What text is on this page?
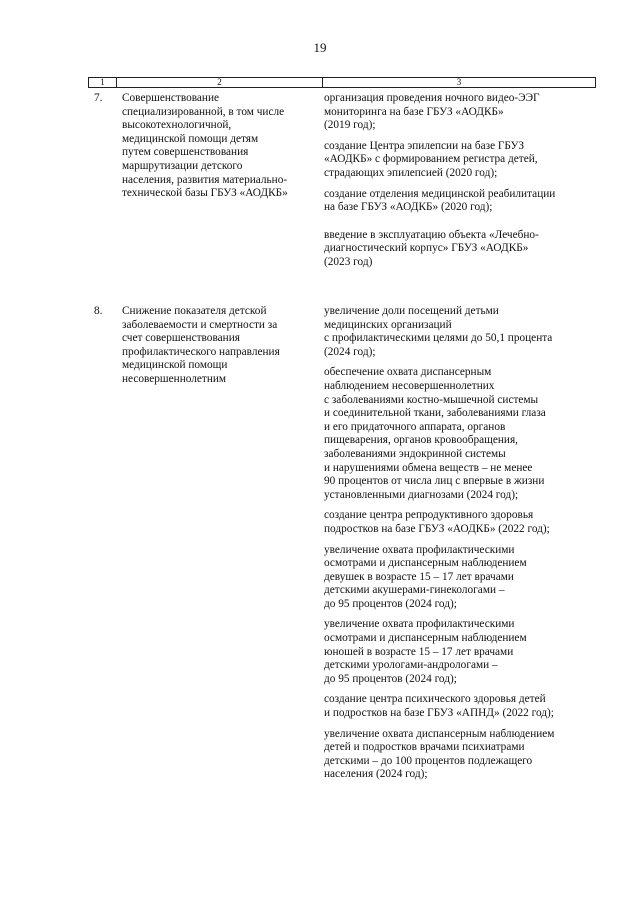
19
1	2	3
7. Совершенствование
специализированной, в том числе
высокотехнологичной,
медицинской помощи детям
путем совершенствования
маршрутизации детского
населения, развития материально-
технической базы ГБУЗ «АОДКБ»
организация проведения ночного видео-ЭЭГ
мониторинга на базе ГБУЗ «АОДКБ»
(2019 год);
создание Центра эпилепсии на базе ГБУЗ
«АОДКБ» с формированием регистра детей,
страдающих эпилепсией (2020 год);
создание отделения медицинской реабилитации
на базе ГБУЗ «АОДКБ» (2020 год);
введение в эксплуатацию объекта «Лечебно-
диагностический корпус» ГБУЗ «АОДКБ»
(2023 год)
8. Снижение показателя детской
заболеваемости и смертности за
счет совершенствования
профилактического направления
медицинской помощи
несовершеннолетним
увеличение доли посещений детьми
медицинских организаций
с профилактическими целями до 50,1 процента
(2024 год);
обеспечение охвата диспансерным
наблюдением несовершеннолетних
с заболеваниями костно-мышечной системы
и соединительной ткани, заболеваниями глаза
и его придаточного аппарата, органов
пищеварения, органов кровообращения,
заболеваниями эндокринной системы
и нарушениями обмена веществ – не менее
90 процентов от числа лиц с впервые в жизни
установленными диагнозами (2024 год);
создание центра репродуктивного здоровья
подростков на базе ГБУЗ «АОДКБ» (2022 год);
увеличение охвата профилактическими
осмотрами и диспансерным наблюдением
девушек в возрасте 15 – 17 лет врачами
детскими акушерами-гинекологами –
до 95 процентов (2024 год);
увеличение охвата профилактическими
осмотрами и диспансерным наблюдением
юношей в возрасте 15 – 17 лет врачами
детскими урологами-андрологами –
до 95 процентов (2024 год);
создание центра психического здоровья детей
и подростков на базе ГБУЗ «АПНД» (2022 год);
увеличение охвата диспансерным наблюдением
детей и подростков врачами психиатрами
детскими – до 100 процентов подлежащего
населения (2024 год);
